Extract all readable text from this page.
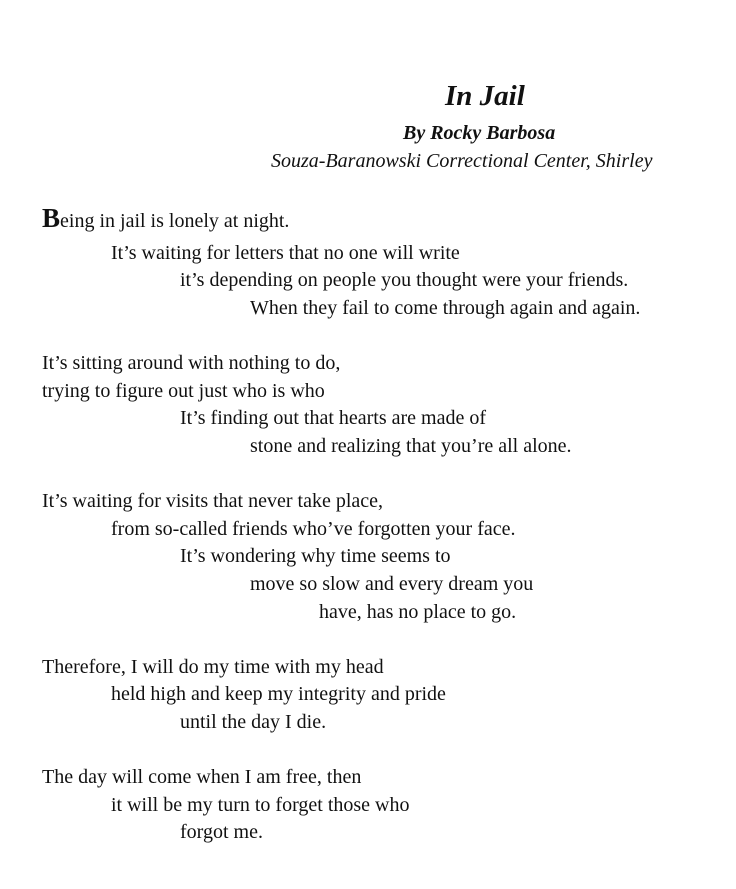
In Jail
By Rocky Barbosa
Souza-Baranowski Correctional Center, Shirley
Being in jail is lonely at night.
It’s waiting for letters that no one will write
it’s depending on people you thought were your friends.
When they fail to come through again and again.
It’s sitting around with nothing to do,
trying to figure out just who is who
It’s finding out that hearts are made of
stone and realizing that you’re all alone.
It’s waiting for visits that never take place,
from so-called friends who’ve forgotten your face.
It’s wondering why time seems to
move so slow and every dream you
have, has no place to go.
Therefore, I will do my time with my head
held high and keep my integrity and pride
until the day I die.
The day will come when I am free, then
it will be my turn to forget those who
forgot me.
